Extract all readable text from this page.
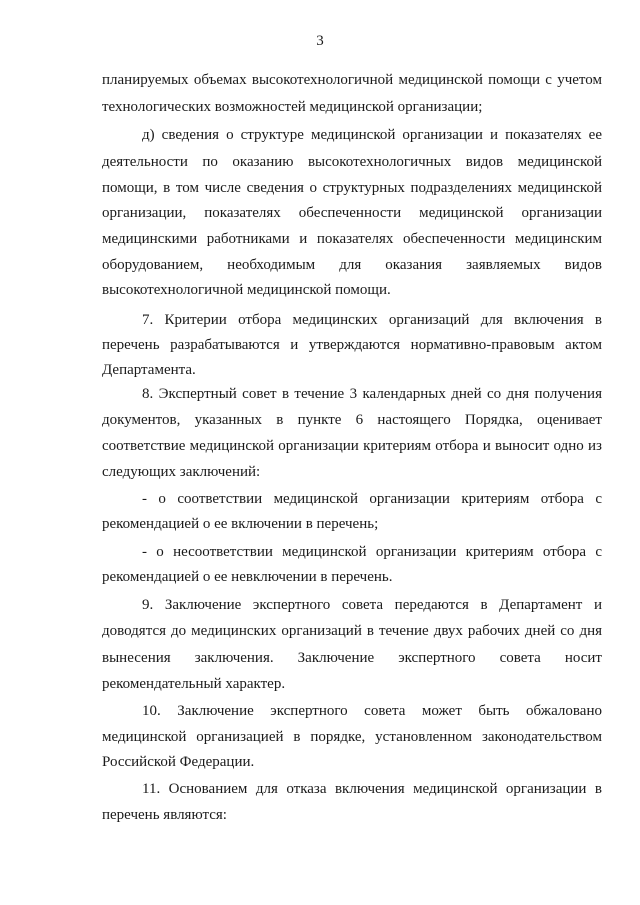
3
планируемых объемах высокотехнологичной медицинской помощи с учетом
технологических возможностей медицинской организации;
д) сведения о структуре медицинской организации и показателях ее
деятельности по оказанию высокотехнологичных видов медицинской
помощи, в том числе сведения о структурных подразделениях медицинской
организации, показателях обеспеченности медицинской организации
медицинскими работниками и показателях обеспеченности медицинским
оборудованием, необходимым для оказания заявляемых видов
высокотехнологичной медицинской помощи.
7. Критерии отбора медицинских организаций для включения в
перечень разрабатываются и утверждаются нормативно-правовым актом
Департамента.
8. Экспертный совет в течение 3 календарных дней со дня получения
документов, указанных в пункте 6 настоящего Порядка, оценивает
соответствие медицинской организации критериям отбора и выносит одно из
следующих заключений:
- о соответствии медицинской организации критериям отбора с
рекомендацией о ее включении в перечень;
- о несоответствии медицинской организации критериям отбора с
рекомендацией о ее невключении в перечень.
9. Заключение экспертного совета передаются в Департамент и
доводятся до медицинских организаций в течение двух рабочих дней со дня
вынесения заключения. Заключение экспертного совета носит
рекомендательный характер.
10. Заключение экспертного совета может быть обжаловано
медицинской организацией в порядке, установленном законодательством
Российской Федерации.
11. Основанием для отказа включения медицинской организации в
перечень являются:
